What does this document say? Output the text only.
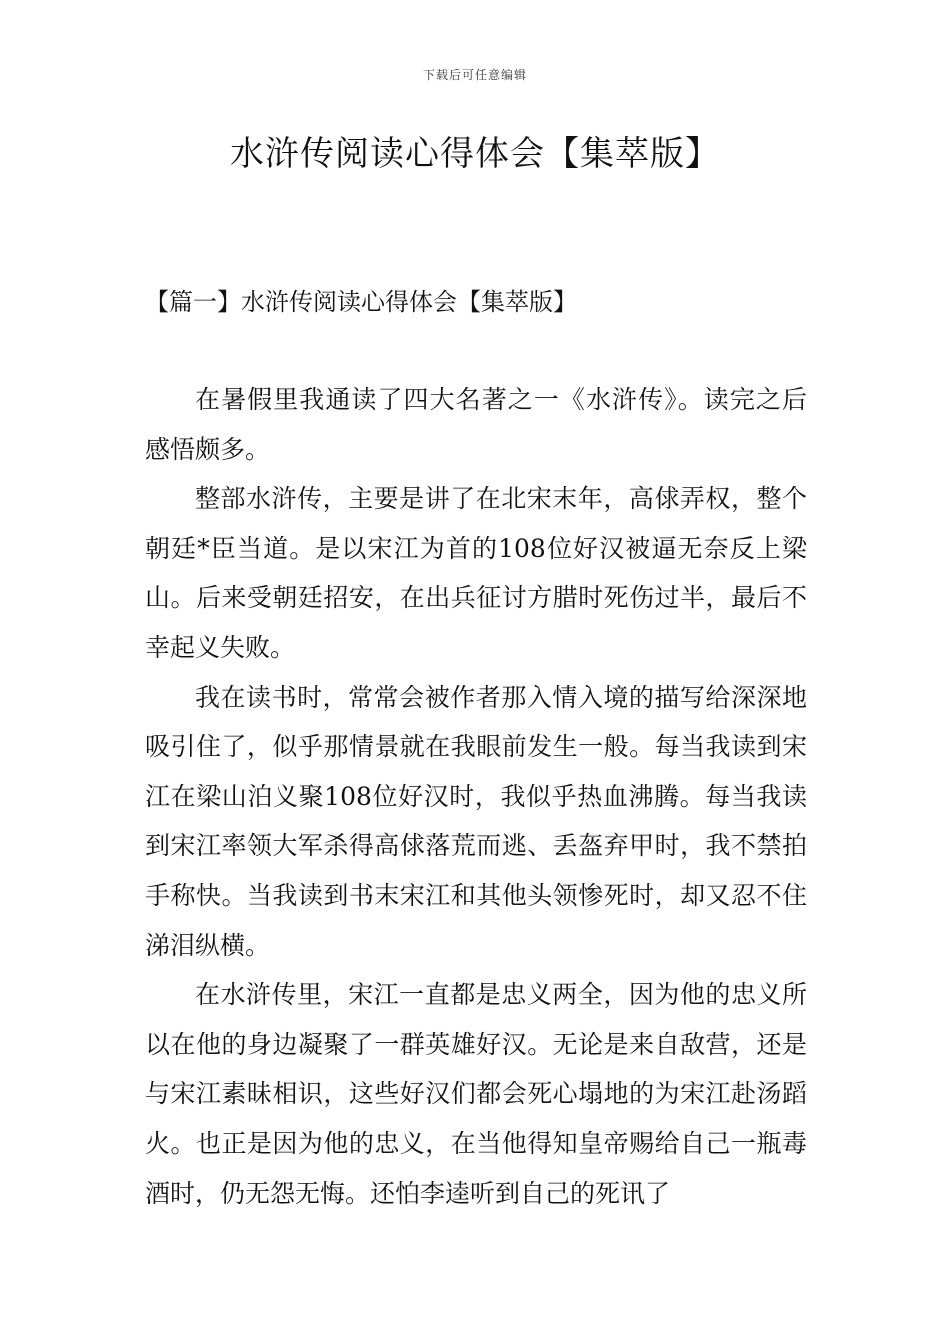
下载后可任意编辑
水浒传阅读心得体会【集萃版】
【篇一】水浒传阅读心得体会【集萃版】

在暑假里我通读了四大名著之一《水浒传》。读完之后感悟颇多。

整部水浒传，主要是讲了在北宋末年，高俅弄权，整个朝廷*臣当道。是以宋江为首的108位好汉被逼无奈反上梁山。后来受朝廷招安，在出兵征讨方腊时死伤过半，最后不幸起义失败。

我在读书时，常常会被作者那入情入境的描写给深深地吸引住了，似乎那情景就在我眼前发生一般。每当我读到宋江在梁山泊义聚108位好汉时，我似乎热血沸腾。每当我读到宋江率领大军杀得高俅落荒而逃、丢盔弃甲时，我不禁拍手称快。当我读到书末宋江和其他头领惨死时，却又忍不住涕泪纵横。

在水浒传里，宋江一直都是忠义两全，因为他的忠义所以在他的身边凝聚了一群英雄好汉。无论是来自敌营，还是与宋江素昧相识，这些好汉们都会死心塌地的为宋江赴汤蹈火。也正是因为他的忠义，在当他得知皇帝赐给自己一瓶毒酒时，仍无怨无悔。还怕李逵听到自己的死讯了
